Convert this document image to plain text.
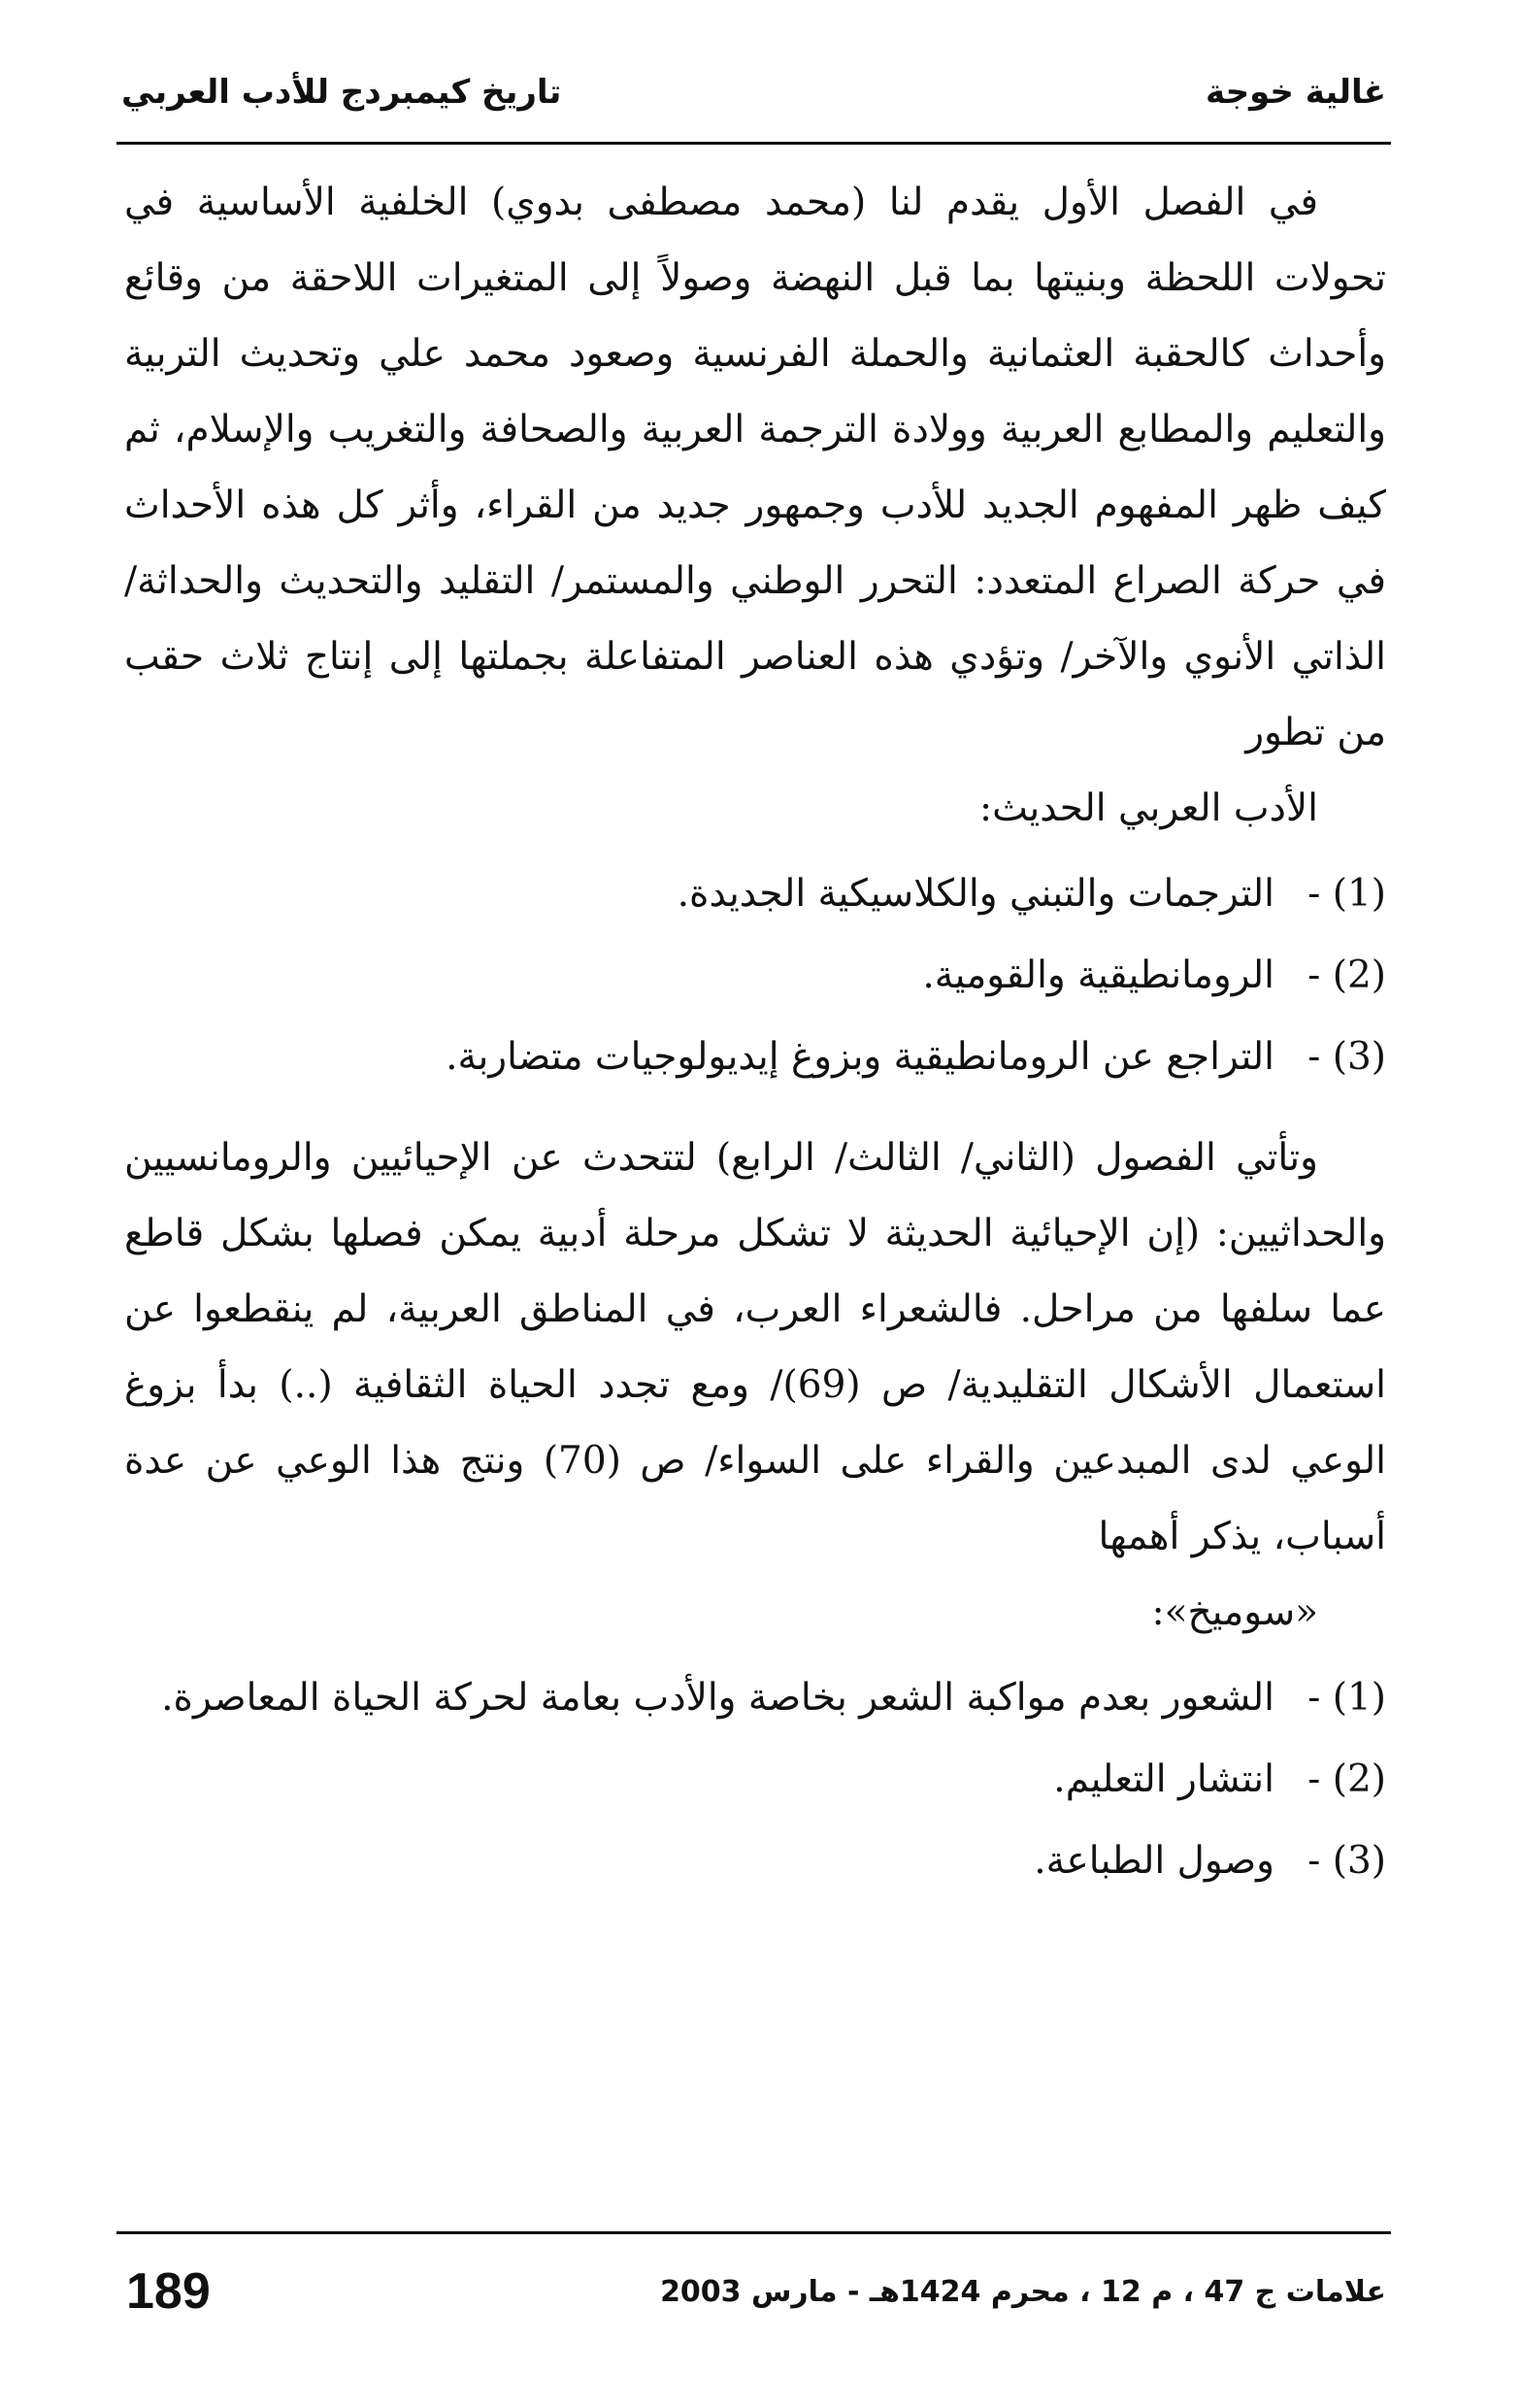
تاريخ كيمبردج للأدب العربي	غالية خوجة

في الفصل الأول يقدم لنا (محمد مصطفى بدوي) الخلفية الأساسية في تحولات اللحظة وبنيتها بما قبل النهضة وصولاً إلى المتغيرات اللاحقة من وقائع وأحداث كالحقبة العثمانية والحملة الفرنسية وصعود محمد علي وتحديث التربية والتعليم والمطابع العربية وولادة الترجمة العربية والصحافة والتغريب والإسلام، ثم كيف ظهر المفهوم الجديد للأدب وجمهور جديد من القراء، وأثر كل هذه الأحداث في حركة الصراع المتعدد: التحرر الوطني والمستمر/ التقليد والتحديث والحداثة/ الذاتي الأنوي والآخر/ وتؤدي هذه العناصر المتفاعلة بجملتها إلى إنتاج ثلاث حقب من تطور
الأدب العربي الحديث:

(1) -
الترجمات والتبني والكلاسيكية الجديدة.
(2) -
الرومانطيقية والقومية.
(3) -
التراجع عن الرومانطيقية وبزوغ إيديولوجيات متضاربة.

وتأتي الفصول (الثاني/ الثالث/ الرابع) لتتحدث عن الإحيائيين والرومانسيين والحداثيين: (إن الإحيائية الحديثة لا تشكل مرحلة أدبية يمكن فصلها بشكل قاطع عما سلفها من مراحل. فالشعراء العرب، في المناطق العربية، لم ينقطعوا عن استعمال الأشكال التقليدية/ ص (69)/ ومع تجدد الحياة الثقافية (..) بدأ بزوغ الوعي لدى المبدعين والقراء على السواء/ ص (70) ونتج هذا الوعي عن عدة أسباب، يذكر أهمها
«سوميخ»:

(1) -
الشعور بعدم مواكبة الشعر بخاصة والأدب بعامة لحركة الحياة المعاصرة.
(2) -
انتشار التعليم.
(3) -
وصول الطباعة.
189	علامات ج 47 ، م 12 ، محرم 1424هـ - مارس 2003
